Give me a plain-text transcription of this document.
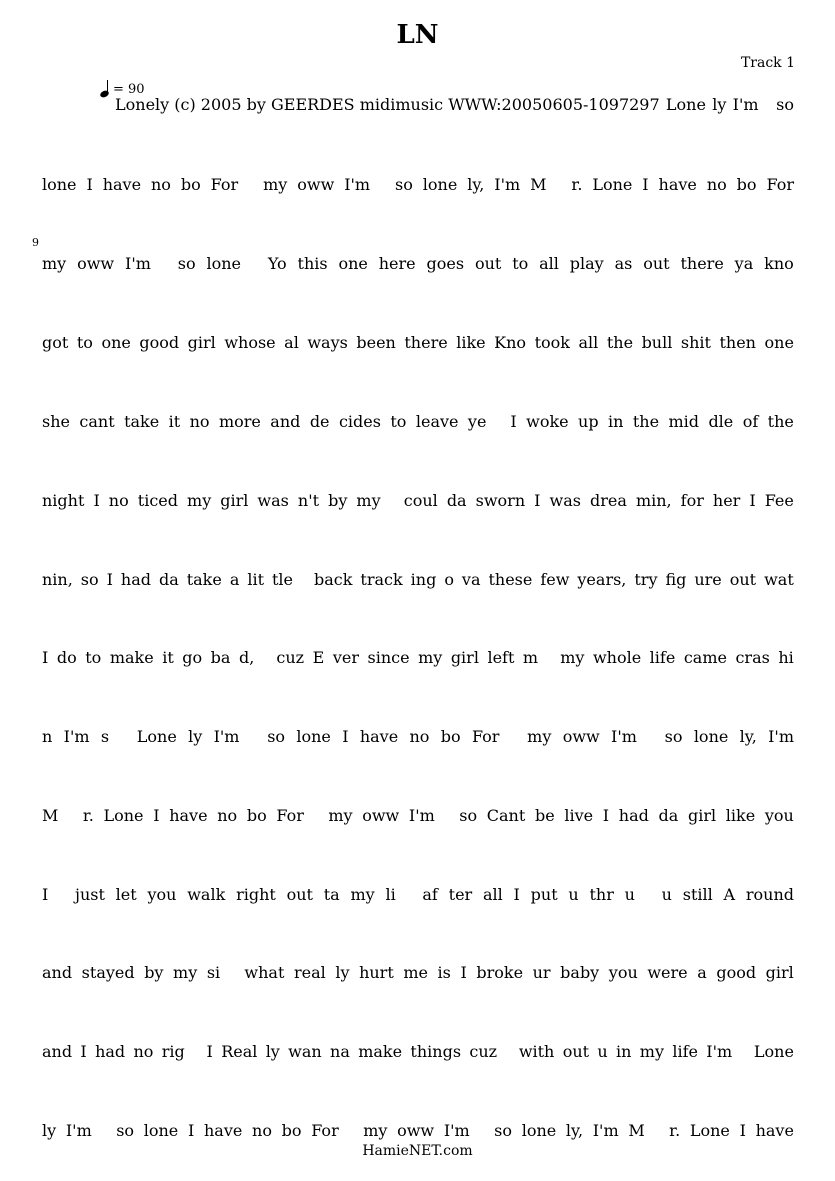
LN
Track 1
= 90
9
Lonely (c) 2005 by GEERDES midimusic WWW:20050605-1097297 Lone ly I'm
so
lone I have no bo For
my oww I'm
so lone ly, I'm M
r. Lone I have no bo For
my oww I'm
so lone
Yo this one here goes out to all play as out there ya kno
got to one good girl whose al ways been there like Kno took all the bull shit then one
she cant take it no more and de cides to leave ye
I woke up in the mid dle of the
night I no ticed my girl was n't by my
coul da sworn I was drea min, for her I Fee
nin, so I had da take a lit tle
back track ing o va these few years, try fig ure out wat
I do to make it go ba d,
cuz E ver since my girl left m
my whole life came cras hi
n I'm s
Lone ly I'm
so lone I have no bo For
my oww I'm
so lone ly, I'm
M
r. Lone I have no bo For
my oww I'm
so Cant be live I had da girl like you
I
just let you walk right out ta my li
af ter all I put u thr u
u still A round
and stayed by my si
what real ly hurt me is I broke ur baby you were a good girl
and I had no rig
I Real ly wan na make things cuz
with out u in my life I'm
Lone
ly I'm
so lone I have no bo For
my oww I'm
so lone ly, I'm M
r. Lone I have
HamieNET.com
